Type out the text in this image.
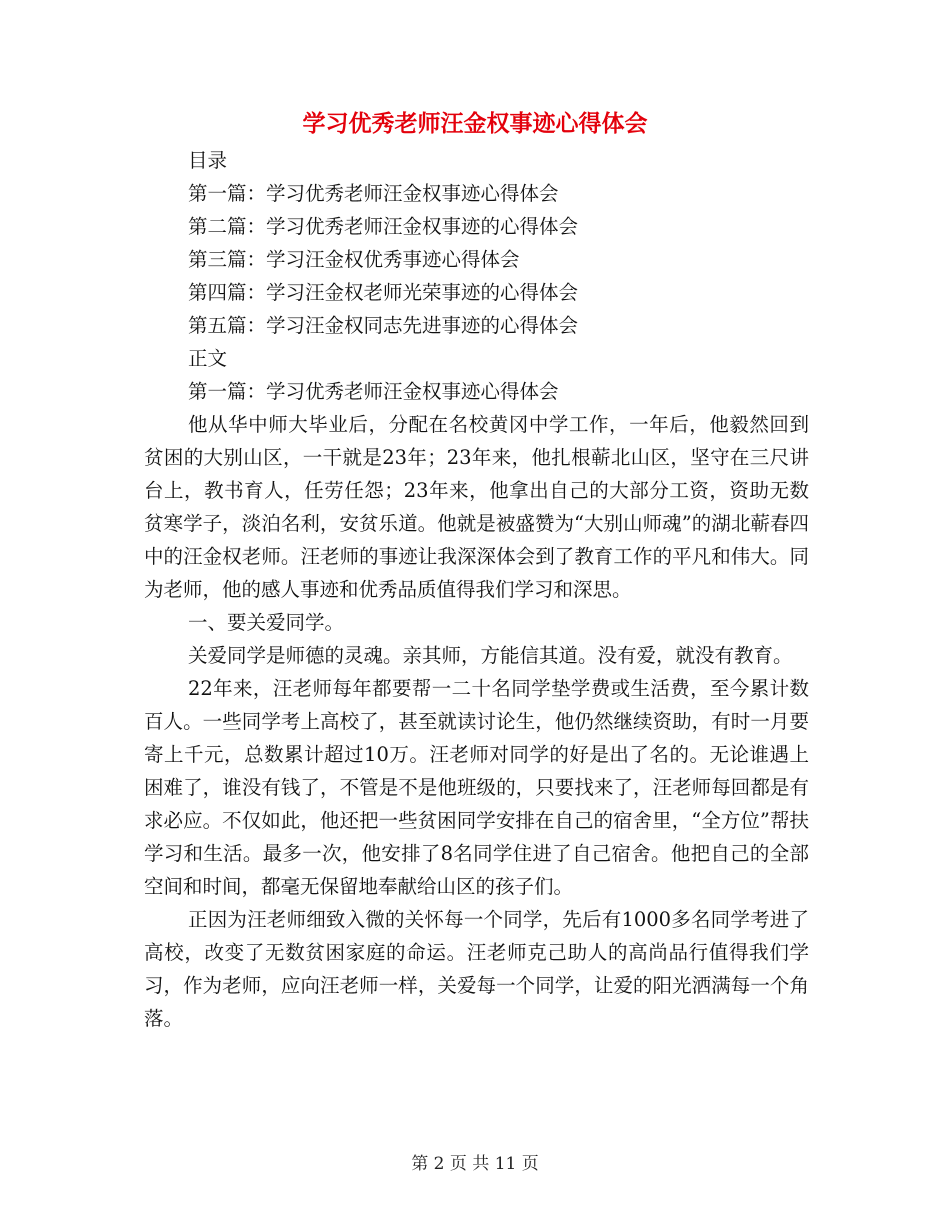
学习优秀老师汪金权事迹心得体会

目录

第一篇：学习优秀老师汪金权事迹心得体会

第二篇：学习优秀老师汪金权事迹的心得体会

第三篇：学习汪金权优秀事迹心得体会

第四篇：学习汪金权老师光荣事迹的心得体会

第五篇：学习汪金权同志先进事迹的心得体会

正文

第一篇：学习优秀老师汪金权事迹心得体会

他从华中师大毕业后，分配在名校黄冈中学工作，一年后，他毅然回到贫困的大别山区，一干就是23年；23年来，他扎根蕲北山区，坚守在三尺讲台上，教书育人，任劳任怨；23年来，他拿出自己的大部分工资，资助无数贫寒学子，淡泊名利，安贫乐道。他就是被盛赞为“大别山师魂”的湖北蕲春四中的汪金权老师。汪老师的事迹让我深深体会到了教育工作的平凡和伟大。同为老师，他的感人事迹和优秀品质值得我们学习和深思。

一、要关爱同学。

关爱同学是师德的灵魂。亲其师，方能信其道。没有爱，就没有教育。

22年来，汪老师每年都要帮一二十名同学垫学费或生活费，至今累计数百人。一些同学考上高校了，甚至就读讨论生，他仍然继续资助，有时一月要寄上千元，总数累计超过10万。汪老师对同学的好是出了名的。无论谁遇上困难了，谁没有钱了，不管是不是他班级的，只要找来了，汪老师每回都是有求必应。不仅如此，他还把一些贫困同学安排在自己的宿舍里，“全方位”帮扶学习和生活。最多一次，他安排了8名同学住进了自己宿舍。他把自己的全部空间和时间，都毫无保留地奉献给山区的孩子们。

正因为汪老师细致入微的关怀每一个同学，先后有1000多名同学考进了高校，改变了无数贫困家庭的命运。汪老师克己助人的高尚品行值得我们学习，作为老师，应向汪老师一样，关爱每一个同学，让爱的阳光洒满每一个角落。

第 2 页 共 11 页
